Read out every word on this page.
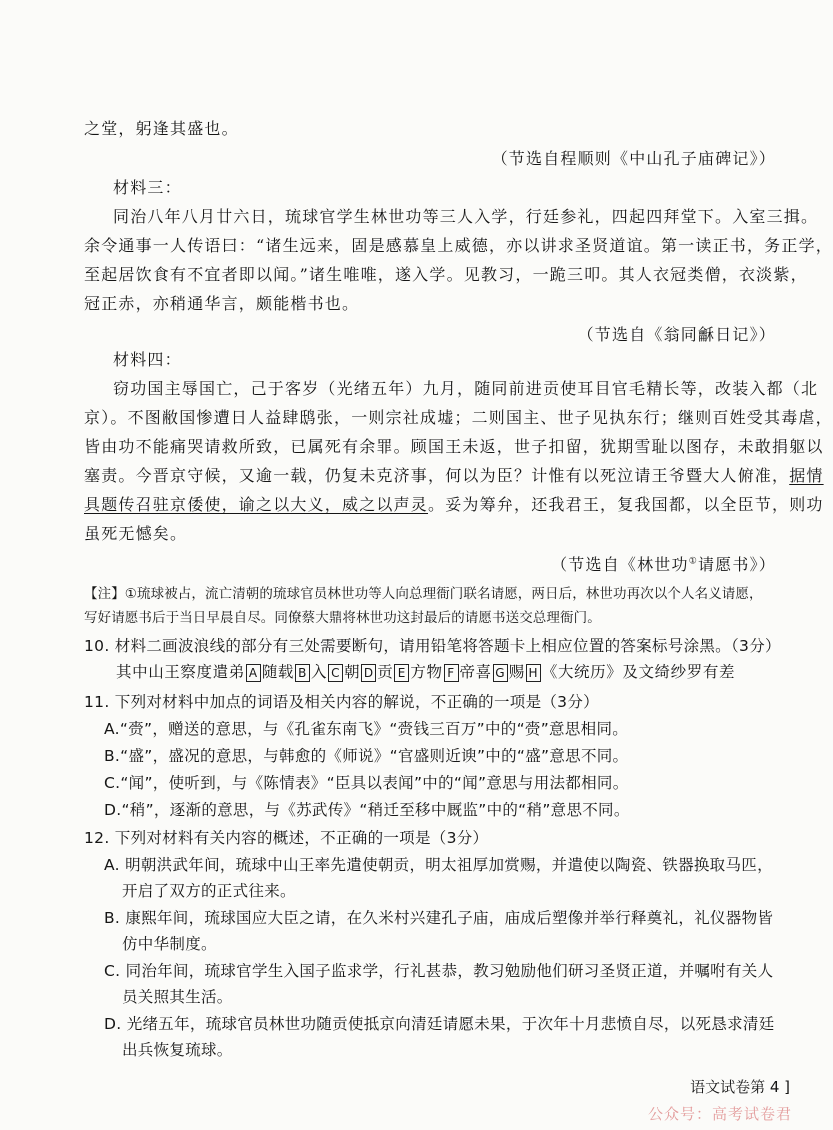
之堂，躬逢其盛也。
（节选自程顺则《中山孔子庙碑记》）
材料三：
同治八年八月廿六日，琉球官学生林世功等三人入学，行廷参礼，四起四拜堂下。入室三揖。
余令通事一人传语曰：“诸生远来，固是感慕皇上威德，亦以讲求圣贤道谊。第一读正书，务正学，
至起居饮食有不宜者即以闻。”诸生唯唯，遂入学。见教习，一跪三叩。其人衣冠类僧，衣淡紫，
冠正赤，亦稍通华言，颇能楷书也。
（节选自《翁同龢日记》）
材料四：
窃功国主辱国亡，己于客岁（光绪五年）九月，随同前进贡使耳目官毛精长等，改装入都（北
京）。不图敝国惨遭日人益肆鸱张，一则宗社成墟；二则国主、世子见执东行；继则百姓受其毒虐，
皆由功不能痛哭请救所致，已属死有余罪。顾国王未返，世子扣留，犹期雪耻以图存，未敢捐躯以
塞责。今晋京守候，又逾一载，仍复未克济事，何以为臣？计惟有以死泣请王爷暨大人俯准，据情
具题传召驻京倭使，谕之以大义，威之以声灵。妥为筹弁，还我君王，复我国都，以全臣节，则功
虽死无憾矣。
（节选自《林世功①请愿书》）
【注】①琉球被占，流亡清朝的琉球官员林世功等人向总理衙门联名请愿，两日后，林世功再次以个人名义请愿，
写好请愿书后于当日早晨自尽。同僚蔡大鼎将林世功这封最后的请愿书送交总理衙门。
10. 材料二画波浪线的部分有三处需要断句，请用铅笔将答题卡上相应位置的答案标号涂黑。（3分）
其中山王察度遣弟 A 随载 B 入 C 朝 D 贡 E 方物 F 帝喜 G 赐 H 《大统历》及文绮纱罗有差
11. 下列对材料中加点的词语及相关内容的解说，不正确的一项是（3分）
A.“赍”，赠送的意思，与《孔雀东南飞》“赍钱三百万”中的“赍”意思相同。
B.“盛”，盛况的意思，与韩愈的《师说》“官盛则近谀”中的“盛”意思不同。
C.“闻”，使听到，与《陈情表》“臣具以表闻”中的“闻”意思与用法都相同。
D.“稍”，逐渐的意思，与《苏武传》“稍迁至移中厩监”中的“稍”意思不同。
12. 下列对材料有关内容的概述，不正确的一项是（3分）
A. 明朝洪武年间，琉球中山王率先遣使朝贡，明太祖厚加赏赐，并遣使以陶瓷、铁器换取马匹，
开启了双方的正式往来。
B. 康熙年间，琉球国应大臣之请，在久米村兴建孔子庙，庙成后塑像并举行释奠礼，礼仪器物皆
仿中华制度。
C. 同治年间，琉球官学生入国子监求学，行礼甚恭，教习勉励他们研习圣贤正道，并嘱咐有关人
员关照其生活。
D. 光绪五年，琉球官员林世功随贡使抵京向清廷请愿未果，于次年十月悲愤自尽，以死恳求清廷
出兵恢复琉球。
语文试卷第 4 ]
公众号：高考试卷君
